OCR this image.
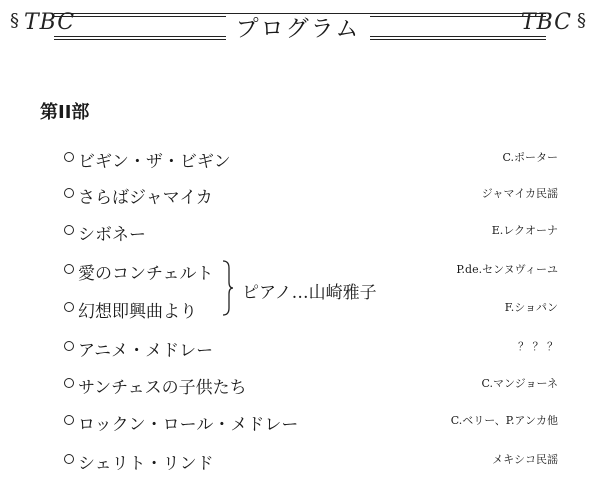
§ TBC	プログラム	TBC §
第II部
ビギン・ザ・ビギン	C.ポーター
さらばジャマイカ	ジャマイカ民謡
シボネー	E.レクオーナ
愛のコンチェルト	P.de.センヌヴィーユ
幻想即興曲より	F.ショパン
ピアノ…山崎雅子
アニメ・メドレー	？ ？ ？
サンチェスの子供たち	C.マンジョーネ
ロックン・ロール・メドレー	C.ベリー、P.アンカ他
シェリト・リンド	メキシコ民謡
